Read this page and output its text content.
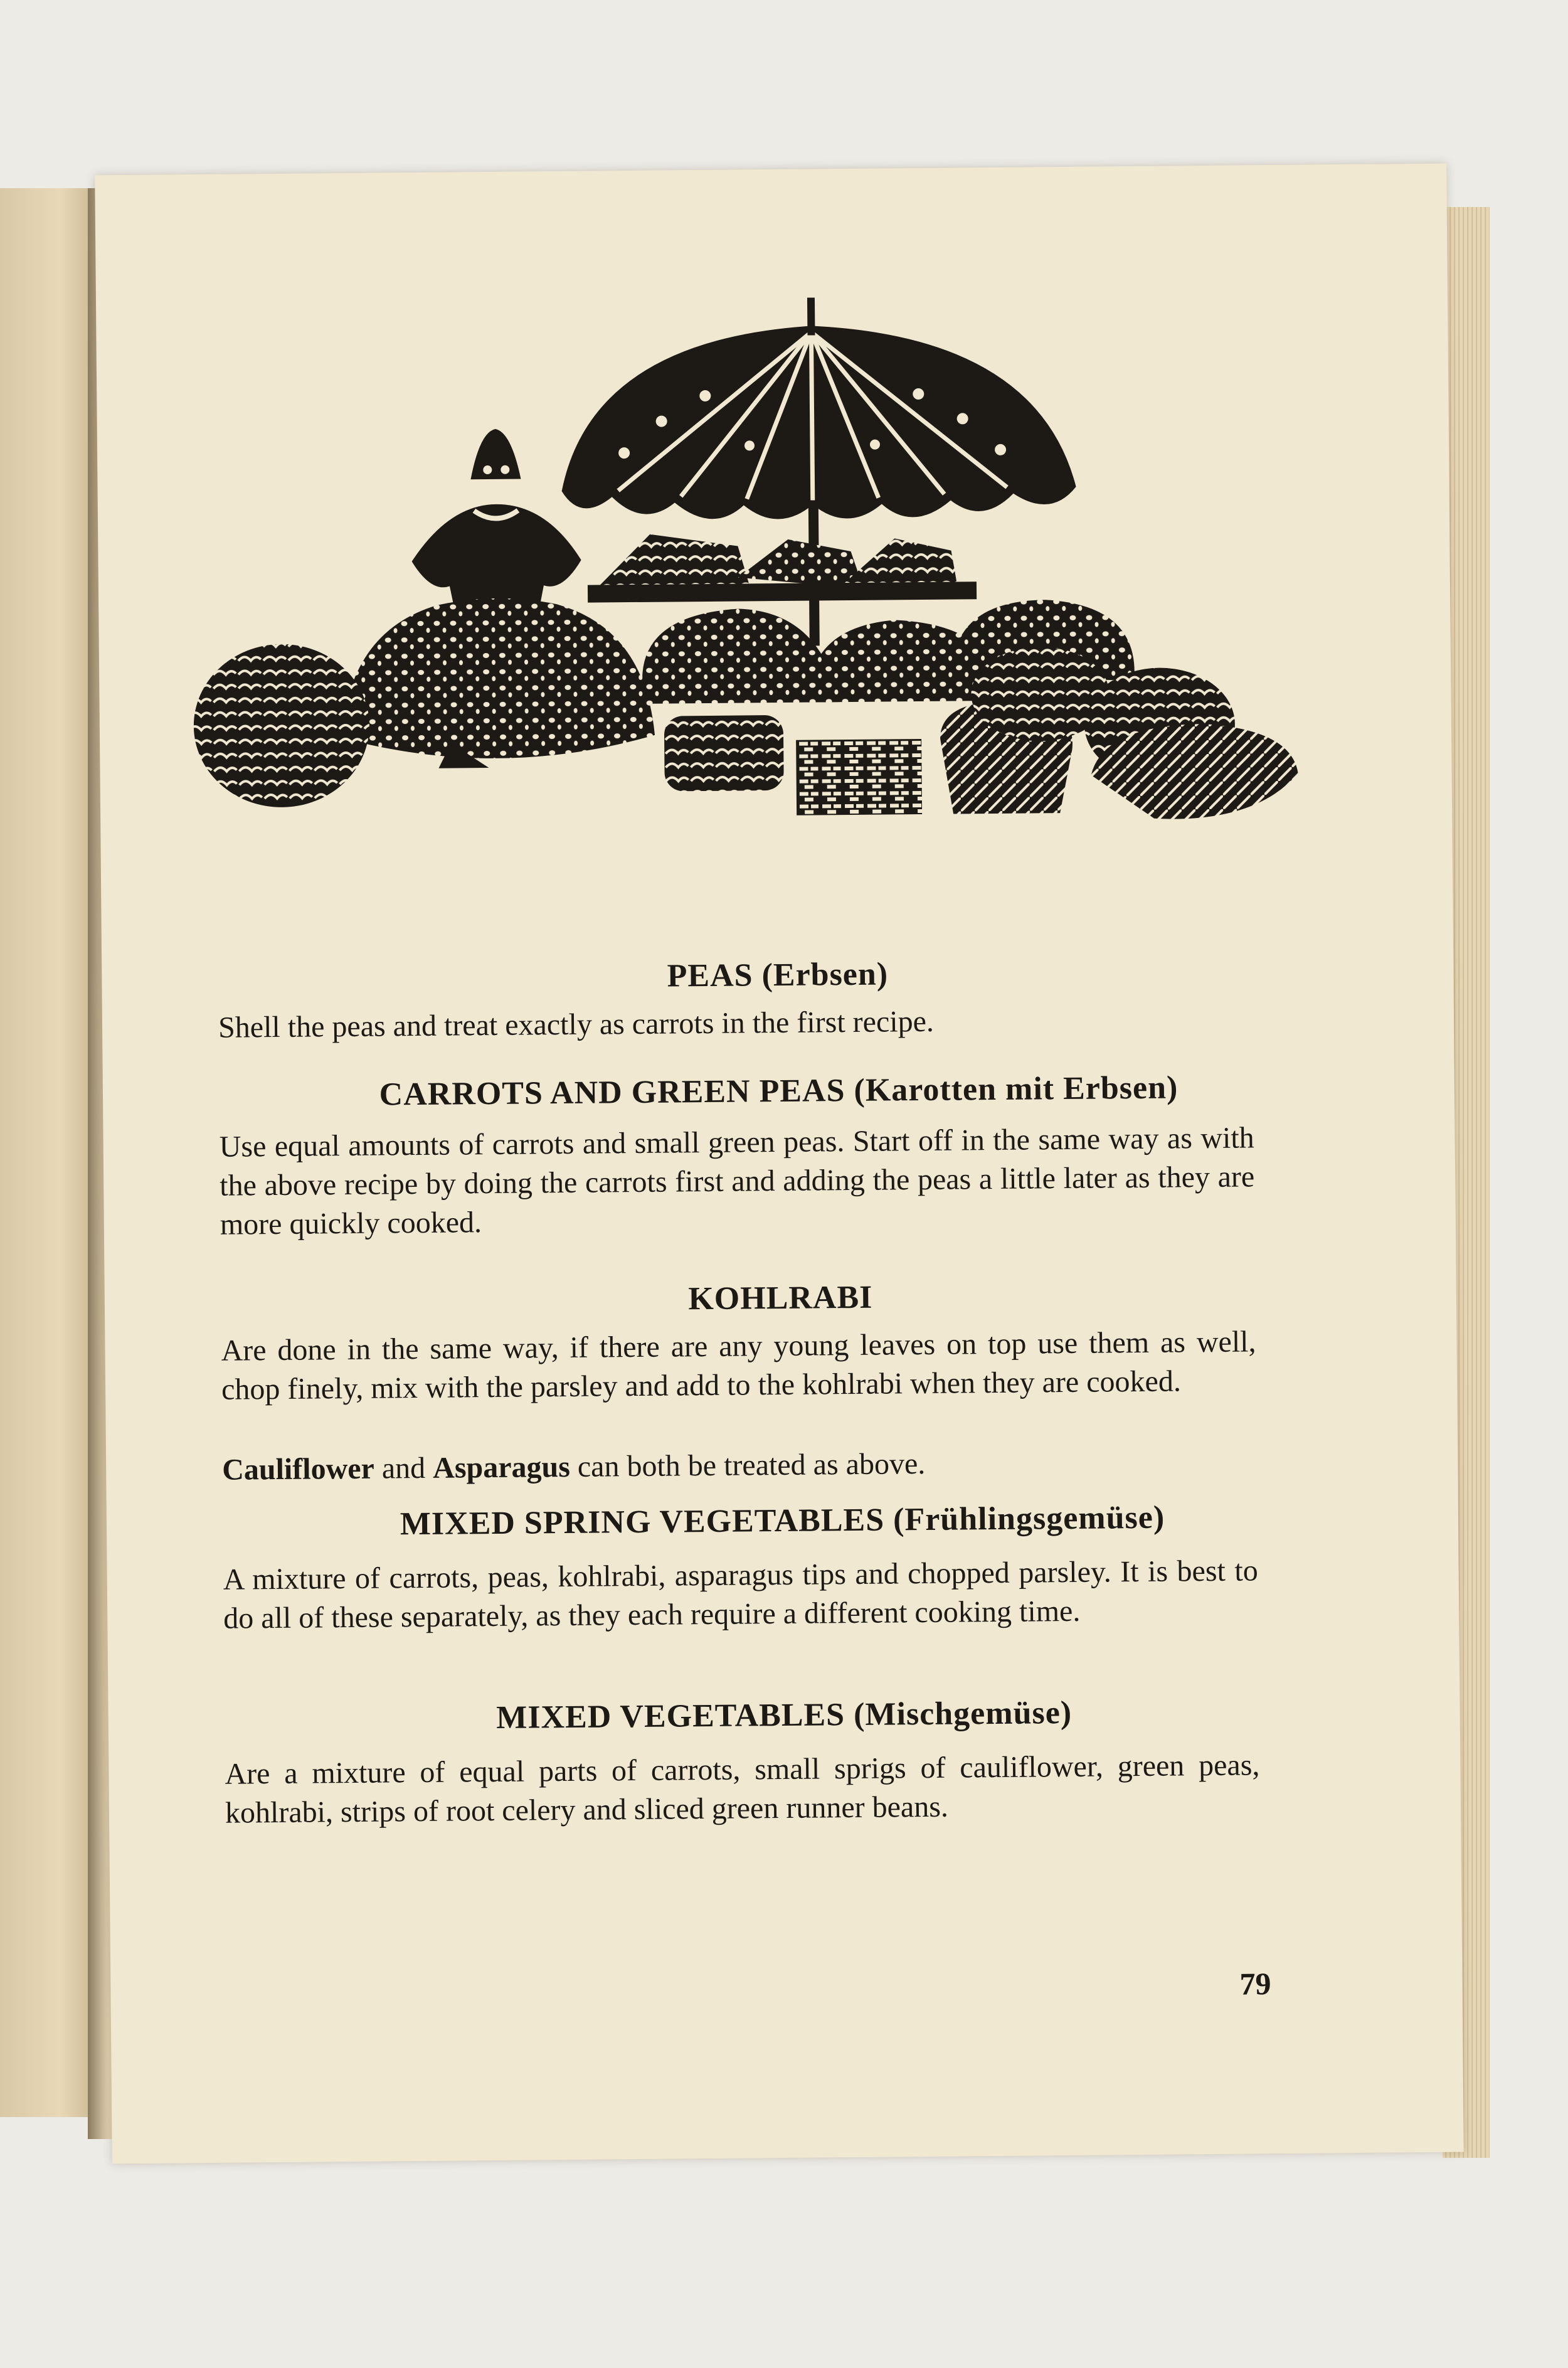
PEAS (Erbsen)
Shell the peas and treat exactly as carrots in the first recipe.
CARROTS AND GREEN PEAS (Karotten mit Erbsen)
Use equal amounts of carrots and small green peas. Start off in the same way as with the above recipe by doing the carrots first and adding the peas a little later as they are more quickly cooked.
KOHLRABI
Are done in the same way, if there are any young leaves on top use them as well, chop finely, mix with the parsley and add to the kohlrabi when they are cooked.
Cauliflower and Asparagus can both be treated as above.
MIXED SPRING VEGETABLES (Frühlingsgemüse)
A mixture of carrots, peas, kohlrabi, asparagus tips and chopped parsley. It is best to do all of these separately, as they each require a different cooking time.
MIXED VEGETABLES (Mischgemüse)
Are a mixture of equal parts of carrots, small sprigs of cauliflower, green peas, kohlrabi, strips of root celery and sliced green runner beans.
79
